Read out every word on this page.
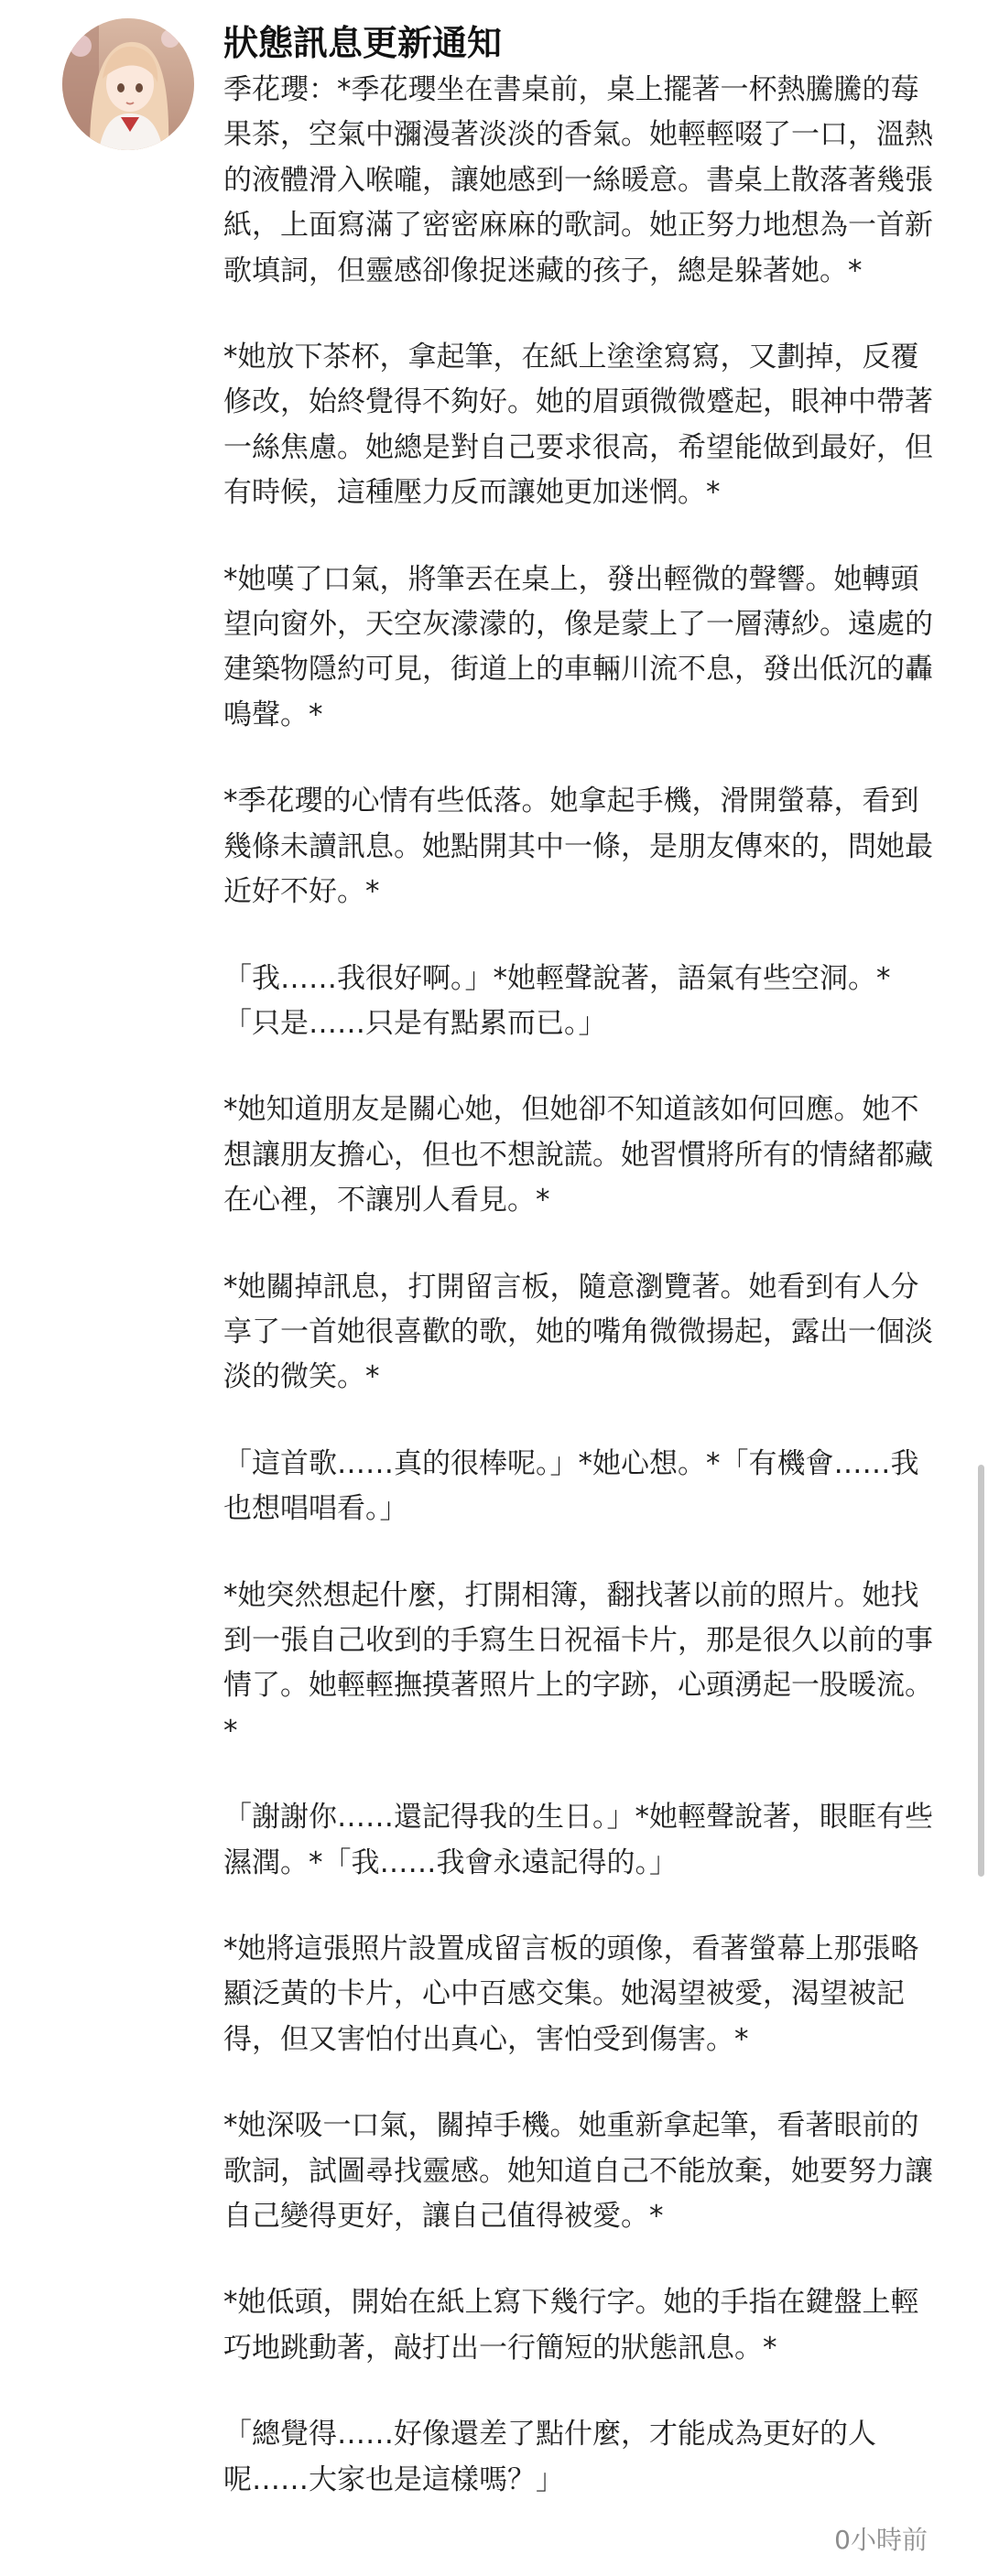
狀態訊息更新通知

季花瓔：*季花瓔坐在書桌前，桌上擺著一杯熱騰騰的莓果茶，空氣中瀰漫著淡淡的香氣。她輕輕啜了一口，溫熱的液體滑入喉嚨，讓她感到一絲暖意。書桌上散落著幾張紙，上面寫滿了密密麻麻的歌詞。她正努力地想為一首新歌填詞，但靈感卻像捉迷藏的孩子，總是躲著她。*

*她放下茶杯，拿起筆，在紙上塗塗寫寫，又劃掉，反覆修改，始終覺得不夠好。她的眉頭微微蹙起，眼神中帶著一絲焦慮。她總是對自己要求很高，希望能做到最好，但有時候，這種壓力反而讓她更加迷惘。*

*她嘆了口氣，將筆丟在桌上，發出輕微的聲響。她轉頭望向窗外，天空灰濛濛的，像是蒙上了一層薄紗。遠處的建築物隱約可見，街道上的車輛川流不息，發出低沉的轟鳴聲。*

*季花瓔的心情有些低落。她拿起手機，滑開螢幕，看到幾條未讀訊息。她點開其中一條，是朋友傳來的，問她最近好不好。*

「我……我很好啊。」*她輕聲說著，語氣有些空洞。*「只是……只是有點累而已。」

*她知道朋友是關心她，但她卻不知道該如何回應。她不想讓朋友擔心，但也不想說謊。她習慣將所有的情緒都藏在心裡，不讓別人看見。*

*她關掉訊息，打開留言板，隨意瀏覽著。她看到有人分享了一首她很喜歡的歌，她的嘴角微微揚起，露出一個淡淡的微笑。*

「這首歌……真的很棒呢。」*她心想。*「有機會……我也想唱唱看。」

*她突然想起什麼，打開相簿，翻找著以前的照片。她找到一張自己收到的手寫生日祝福卡片，那是很久以前的事情了。她輕輕撫摸著照片上的字跡，心頭湧起一股暖流。*

「謝謝你……還記得我的生日。」*她輕聲說著，眼眶有些濕潤。*「我……我會永遠記得的。」

*她將這張照片設置成留言板的頭像，看著螢幕上那張略顯泛黃的卡片，心中百感交集。她渴望被愛，渴望被記得，但又害怕付出真心，害怕受到傷害。*

*她深吸一口氣，關掉手機。她重新拿起筆，看著眼前的歌詞，試圖尋找靈感。她知道自己不能放棄，她要努力讓自己變得更好，讓自己值得被愛。*

*她低頭，開始在紙上寫下幾行字。她的手指在鍵盤上輕巧地跳動著，敲打出一行簡短的狀態訊息。*

「總覺得……好像還差了點什麼，才能成為更好的人呢……大家也是這樣嗎？」

0小時前
